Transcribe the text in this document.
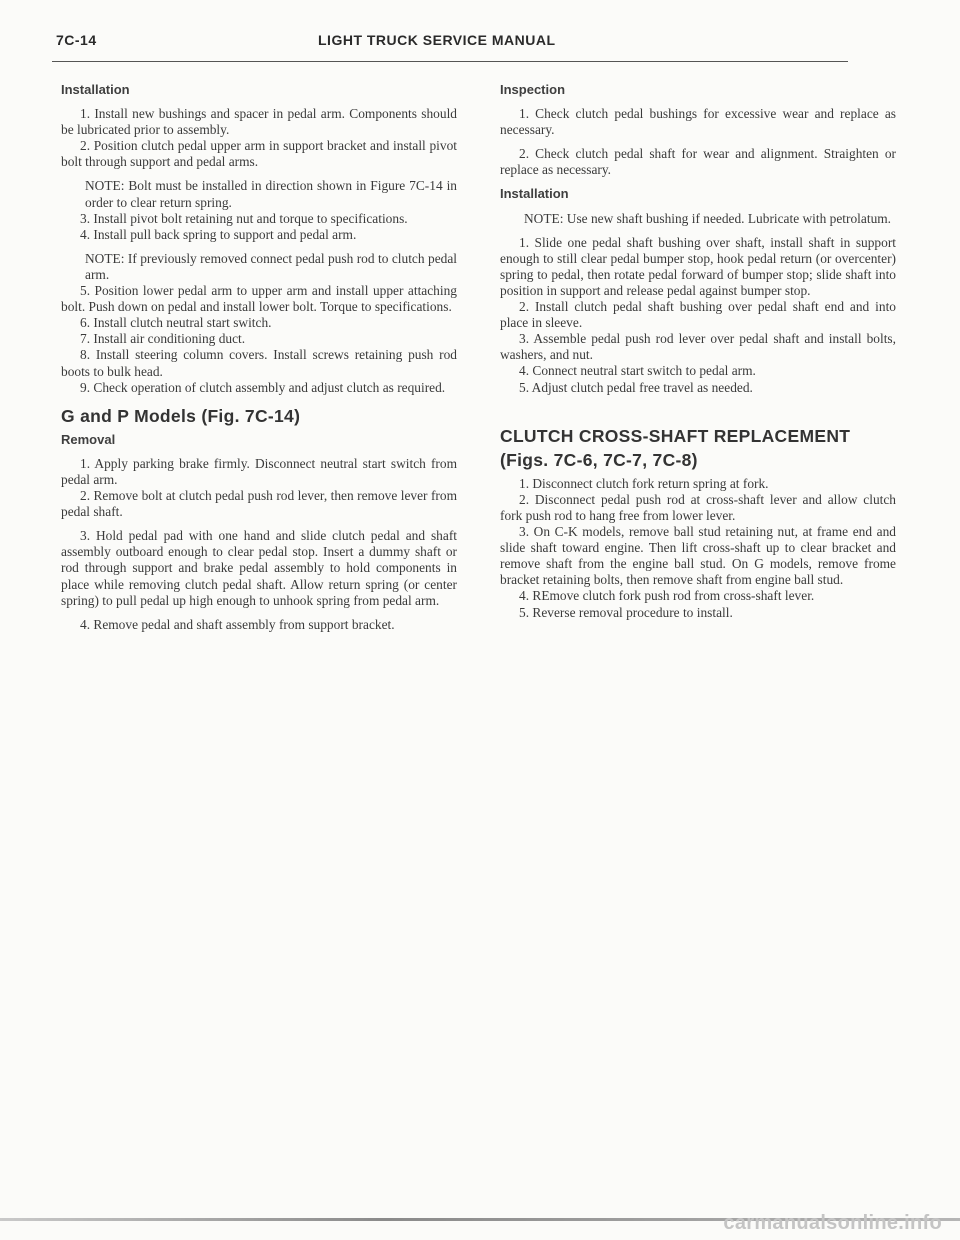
7C-14	LIGHT TRUCK SERVICE MANUAL
Installation

1. Install new bushings and spacer in pedal arm. Components should be lubricated prior to assembly.

2. Position clutch pedal upper arm in support bracket and install pivot bolt through support and pedal arms.

NOTE: Bolt must be installed in direction shown in Figure 7C-14 in order to clear return spring.

3. Install pivot bolt retaining nut and torque to specifications.

4. Install pull back spring to support and pedal arm.

NOTE: If previously removed connect pedal push rod to clutch pedal arm.

5. Position lower pedal arm to upper arm and install upper attaching bolt. Push down on pedal and install lower bolt. Torque to specifications.

6. Install clutch neutral start switch.

7. Install air conditioning duct.

8. Install steering column covers. Install screws retaining push rod boots to bulk head.

9. Check operation of clutch assembly and adjust clutch as required.

G and P Models (Fig. 7C-14)
Removal

1. Apply parking brake firmly. Disconnect neutral start switch from pedal arm.

2. Remove bolt at clutch pedal push rod lever, then remove lever from pedal shaft.

3. Hold pedal pad with one hand and slide clutch pedal and shaft assembly outboard enough to clear pedal stop. Insert a dummy shaft or rod through support and brake pedal assembly to hold components in place while removing clutch pedal shaft. Allow return spring (or center spring) to pull pedal up high enough to unhook spring from pedal arm.

4. Remove pedal and shaft assembly from support bracket.

Inspection

1. Check clutch pedal bushings for excessive wear and replace as necessary.

2. Check clutch pedal shaft for wear and alignment. Straighten or replace as necessary.

Installation

NOTE: Use new shaft bushing if needed. Lubricate with petrolatum.

1. Slide one pedal shaft bushing over shaft, install shaft in support enough to still clear pedal bumper stop, hook pedal return (or overcenter) spring to pedal, then rotate pedal forward of bumper stop; slide shaft into position in support and release pedal against bumper stop.

2. Install clutch pedal shaft bushing over pedal shaft end and into place in sleeve.

3. Assemble pedal push rod lever over pedal shaft and install bolts, washers, and nut.

4. Connect neutral start switch to pedal arm.

5. Adjust clutch pedal free travel as needed.

CLUTCH CROSS-SHAFT REPLACEMENT
(Figs. 7C-6, 7C-7, 7C-8)

1. Disconnect clutch fork return spring at fork.

2. Disconnect pedal push rod at cross-shaft lever and allow clutch fork push rod to hang free from lower lever.

3. On C-K models, remove ball stud retaining nut, at frame end and slide shaft toward engine. Then lift cross-shaft up to clear bracket and remove shaft from the engine ball stud. On G models, remove frome bracket retaining bolts, then remove shaft from engine ball stud.

4. REmove clutch fork push rod from cross-shaft lever.

5. Reverse removal procedure to install.

carmanualsonline.info
